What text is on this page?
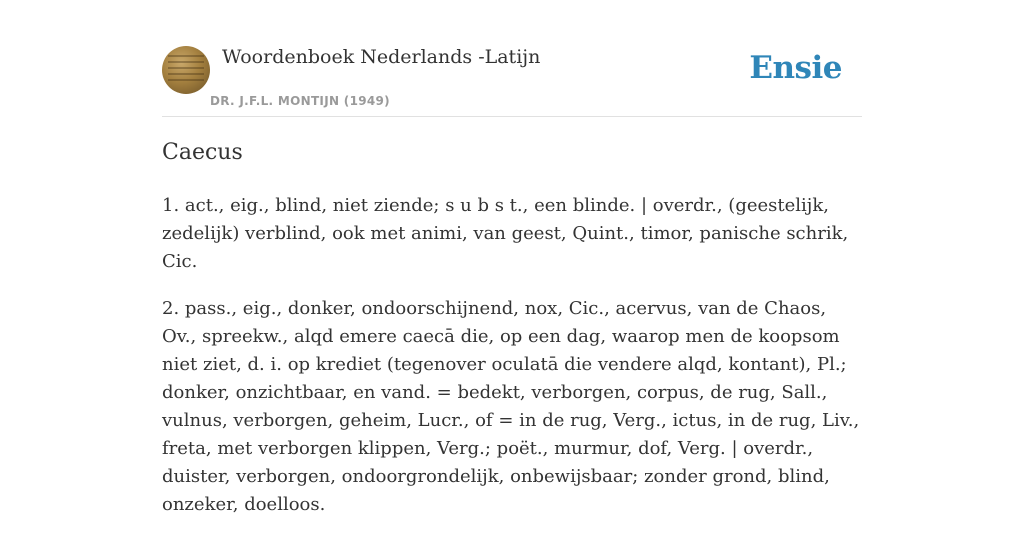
Woordenboek Nederlands -Latijn
DR. J.F.L. MONTIJN (1949)
Ensie
Caecus

1. act., eig., blind, niet ziende; s u b s t., een blinde. | overdr., (geestelijk, zedelijk) verblind, ook met animi, van geest, Quint., timor, panische schrik, Cic.

2. pass., eig., donker, ondoorschijnend, nox, Cic., acervus, van de Chaos, Ov., spreekw., alqd emere caecā die, op een dag, waarop men de koopsom niet ziet, d. i. op krediet (tegenover oculatā die vendere alqd, kontant), Pl.; donker, onzichtbaar, en vand. = bedekt, verborgen, corpus, de rug, Sall., vulnus, verborgen, geheim, Lucr., of = in de rug, Verg., ictus, in de rug, Liv., freta, met verborgen klippen, Verg.; poët., murmur, dof, Verg. | overdr., duister, verborgen, ondoorgrondelijk, onbewijsbaar; zonder grond, blind, onzeker, doelloos.
